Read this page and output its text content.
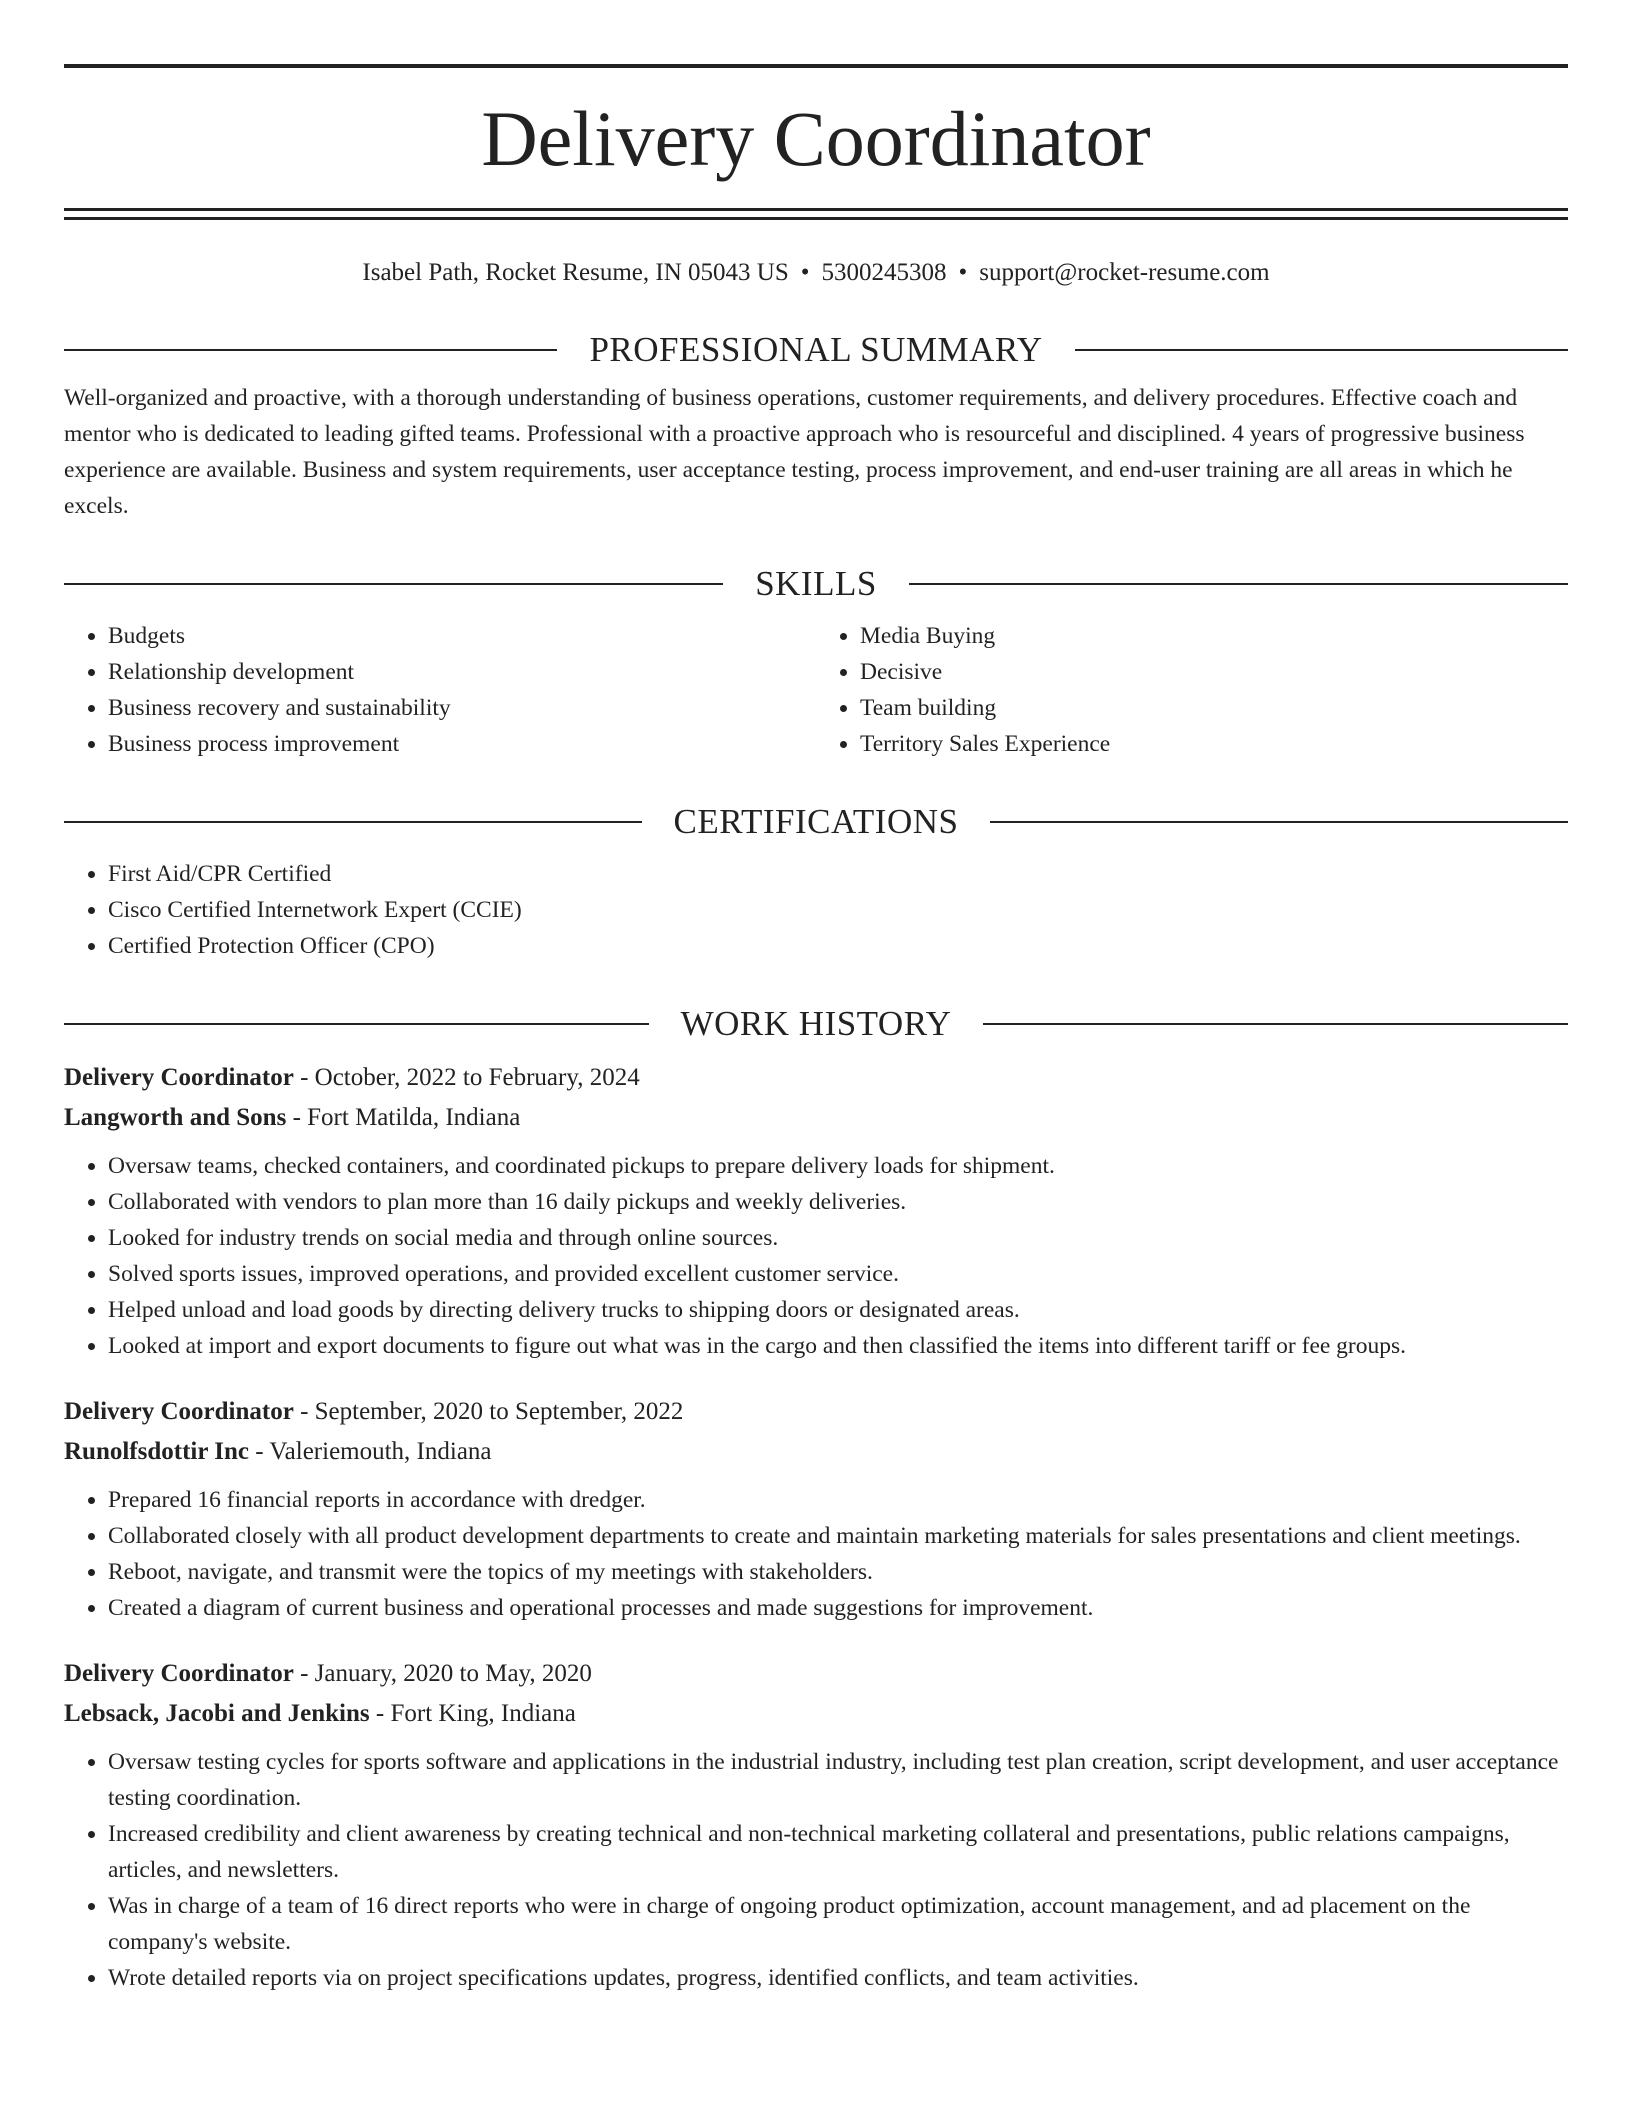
Delivery Coordinator
Isabel Path, Rocket Resume, IN 05043 US • 5300245308 • support@rocket-resume.com
PROFESSIONAL SUMMARY
Well-organized and proactive, with a thorough understanding of business operations, customer requirements, and delivery procedures. Effective coach and mentor who is dedicated to leading gifted teams. Professional with a proactive approach who is resourceful and disciplined. 4 years of progressive business experience are available. Business and system requirements, user acceptance testing, process improvement, and end-user training are all areas in which he excels.
SKILLS
• Budgets
• Relationship development
• Business recovery and sustainability
• Business process improvement
• Media Buying
• Decisive
• Team building
• Territory Sales Experience
CERTIFICATIONS
• First Aid/CPR Certified
• Cisco Certified Internetwork Expert (CCIE)
• Certified Protection Officer (CPO)
WORK HISTORY
Delivery Coordinator - October, 2022 to February, 2024
Langworth and Sons - Fort Matilda, Indiana
• Oversaw teams, checked containers, and coordinated pickups to prepare delivery loads for shipment.
• Collaborated with vendors to plan more than 16 daily pickups and weekly deliveries.
• Looked for industry trends on social media and through online sources.
• Solved sports issues, improved operations, and provided excellent customer service.
• Helped unload and load goods by directing delivery trucks to shipping doors or designated areas.
• Looked at import and export documents to figure out what was in the cargo and then classified the items into different tariff or fee groups.
Delivery Coordinator - September, 2020 to September, 2022
Runolfsdottir Inc - Valeriemouth, Indiana
• Prepared 16 financial reports in accordance with dredger.
• Collaborated closely with all product development departments to create and maintain marketing materials for sales presentations and client meetings.
• Reboot, navigate, and transmit were the topics of my meetings with stakeholders.
• Created a diagram of current business and operational processes and made suggestions for improvement.
Delivery Coordinator - January, 2020 to May, 2020
Lebsack, Jacobi and Jenkins - Fort King, Indiana
• Oversaw testing cycles for sports software and applications in the industrial industry, including test plan creation, script development, and user acceptance testing coordination.
• Increased credibility and client awareness by creating technical and non-technical marketing collateral and presentations, public relations campaigns, articles, and newsletters.
• Was in charge of a team of 16 direct reports who were in charge of ongoing product optimization, account management, and ad placement on the company's website.
• Wrote detailed reports via on project specifications updates, progress, identified conflicts, and team activities.
